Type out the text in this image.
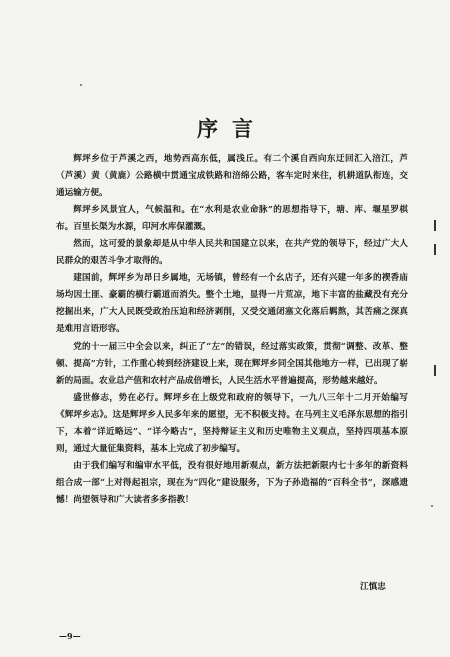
序言

辉坪乡位于芦溪之西，地势西高东低，属浅丘。有二个溪自西向东迂回汇入涪江，芦（芦溪）黄（黄鹿）公路横中贯通宝成铁路和涪绵公路，客车定时来往，机耕道队衔连，交通运输方便。

辉坪乡风景宜人，气候温和。在“水利是农业命脉”的思想指导下，塘、库、堰星罗棋布。百里长渠为水源，印河水库保灌溉。

然而，这可爱的景象却是从中华人民共和国建立以来，在共产党的领导下，经过广大人民群众的艰苦斗争才取得的。

建国前，辉坪乡为昂日乡属地，无场镇，曾经有一个幺店子，还有兴建一年多的禊香庙场均因土匪、豪霸的横行霸道而消失。整个土地，显得一片荒凉，地下丰富的盐藏没有充分挖掘出来，广大人民既受政治压迫和经济剥削，又受交通闭塞文化落后羁熬，其苦痛之深真是难用言语形容。

党的十一届三中全会以来，纠正了“左”的错误，经过落实政策，贯彻“调整、改革、整顿、提高”方针，工作重心转到经济建设上来，现在辉坪乡同全国其他地方一样，已出现了崭新的局面。农业总产值和农村产品成倍增长，人民生活水平普遍提高，形势越来越好。

盛世修志，势在必行。辉坪乡在上级党和政府的领导下，一九八三年十二月开始编写《辉坪乡志》。这是辉坪乡人民多年来的愿望，无不积极支持。在马列主义毛泽东思想的指引下，本着“详近略远”、“详今略古”，坚持辩证主义和历史唯物主义观点，坚持四项基本原则，通过大量征集资料，基本上完成了初步编写。

由于我们编写和编审水平低，没有很好地用新观点，新方法把新限内七十多年的新资料组合成一部“上对得起祖宗，现在为“四化”建设服务，下为子孙造福的“百科全书”，深感遗憾！尚望领导和广大读者多多指教！

江慎忠
—9—
